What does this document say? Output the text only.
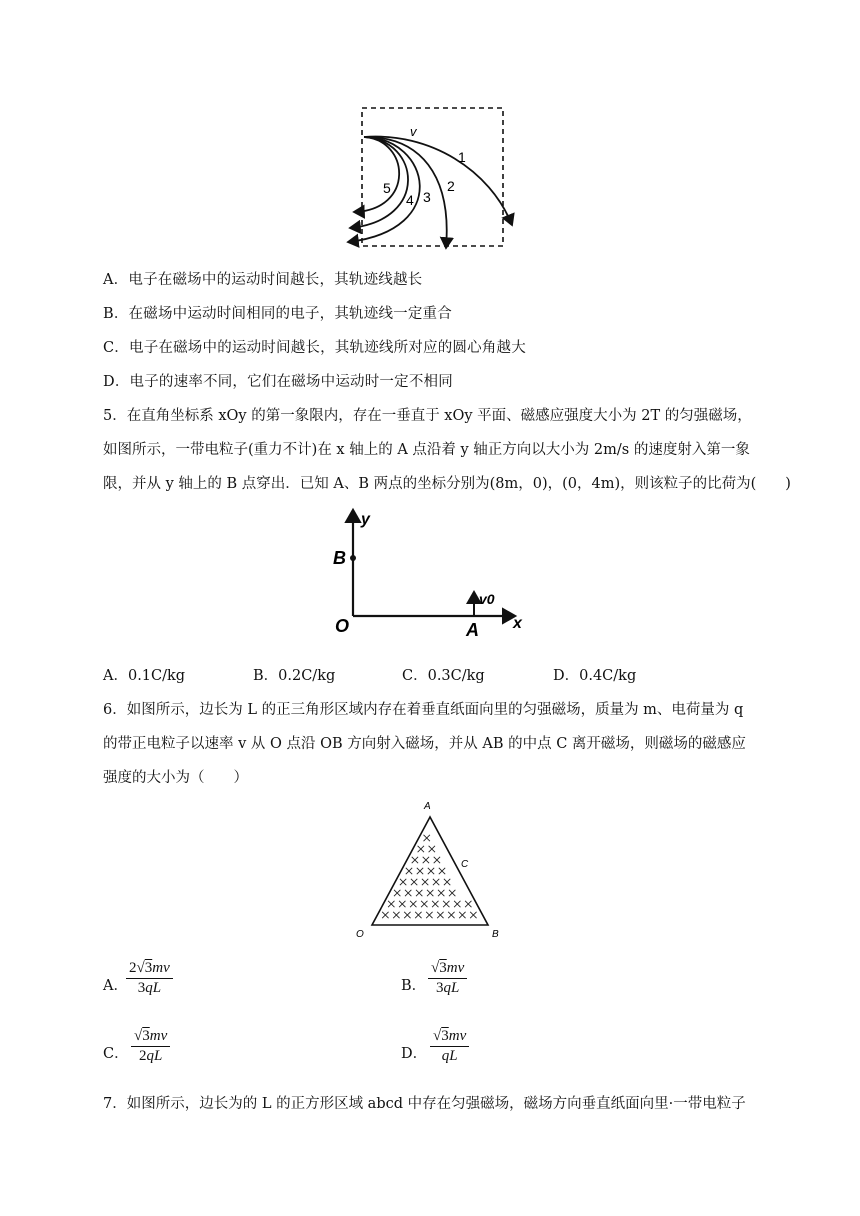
v
1
2
3
4
5
A．电子在磁场中的运动时间越长，其轨迹线越长
B．在磁场中运动时间相同的电子，其轨迹线一定重合
C．电子在磁场中的运动时间越长，其轨迹线所对应的圆心角越大
D．电子的速率不同，它们在磁场中运动时一定不相同
5．在直角坐标系 xOy 的第一象限内，存在一垂直于 xOy 平面、磁感应强度大小为 2T 的匀强磁场，
如图所示，一带电粒子(重力不计)在 x 轴上的 A 点沿着 y 轴正方向以大小为 2m/s 的速度射入第一象
限，并从 y 轴上的 B 点穿出．已知 A、B 两点的坐标分别为(8m，0)，(0，4m)，则该粒子的比荷为(　　)
y
x
O
B
A
v0
A．0.1C/kg	B．0.2C/kg	C．0.3C/kg	D．0.4C/kg
6．如图所示，边长为 L 的正三角形区域内存在着垂直纸面向里的匀强磁场，质量为 m、电荷量为 q
的带正电粒子以速率 v 从 O 点沿 OB 方向射入磁场，并从 AB 的中点 C 离开磁场，则磁场的磁感应
强度的大小为（　　）
A
C
O	B
A．
$\frac{2√3mv}{3qL}$	B． $\frac{√3mv}{3qL}$
C． $\frac{√3mv}{2qL}$	D． $\frac{√3mv}{qL}$
7．如图所示，边长为的 L 的正方形区域 abcd 中存在匀强磁场，磁场方向垂直纸面向里·一带电粒子
